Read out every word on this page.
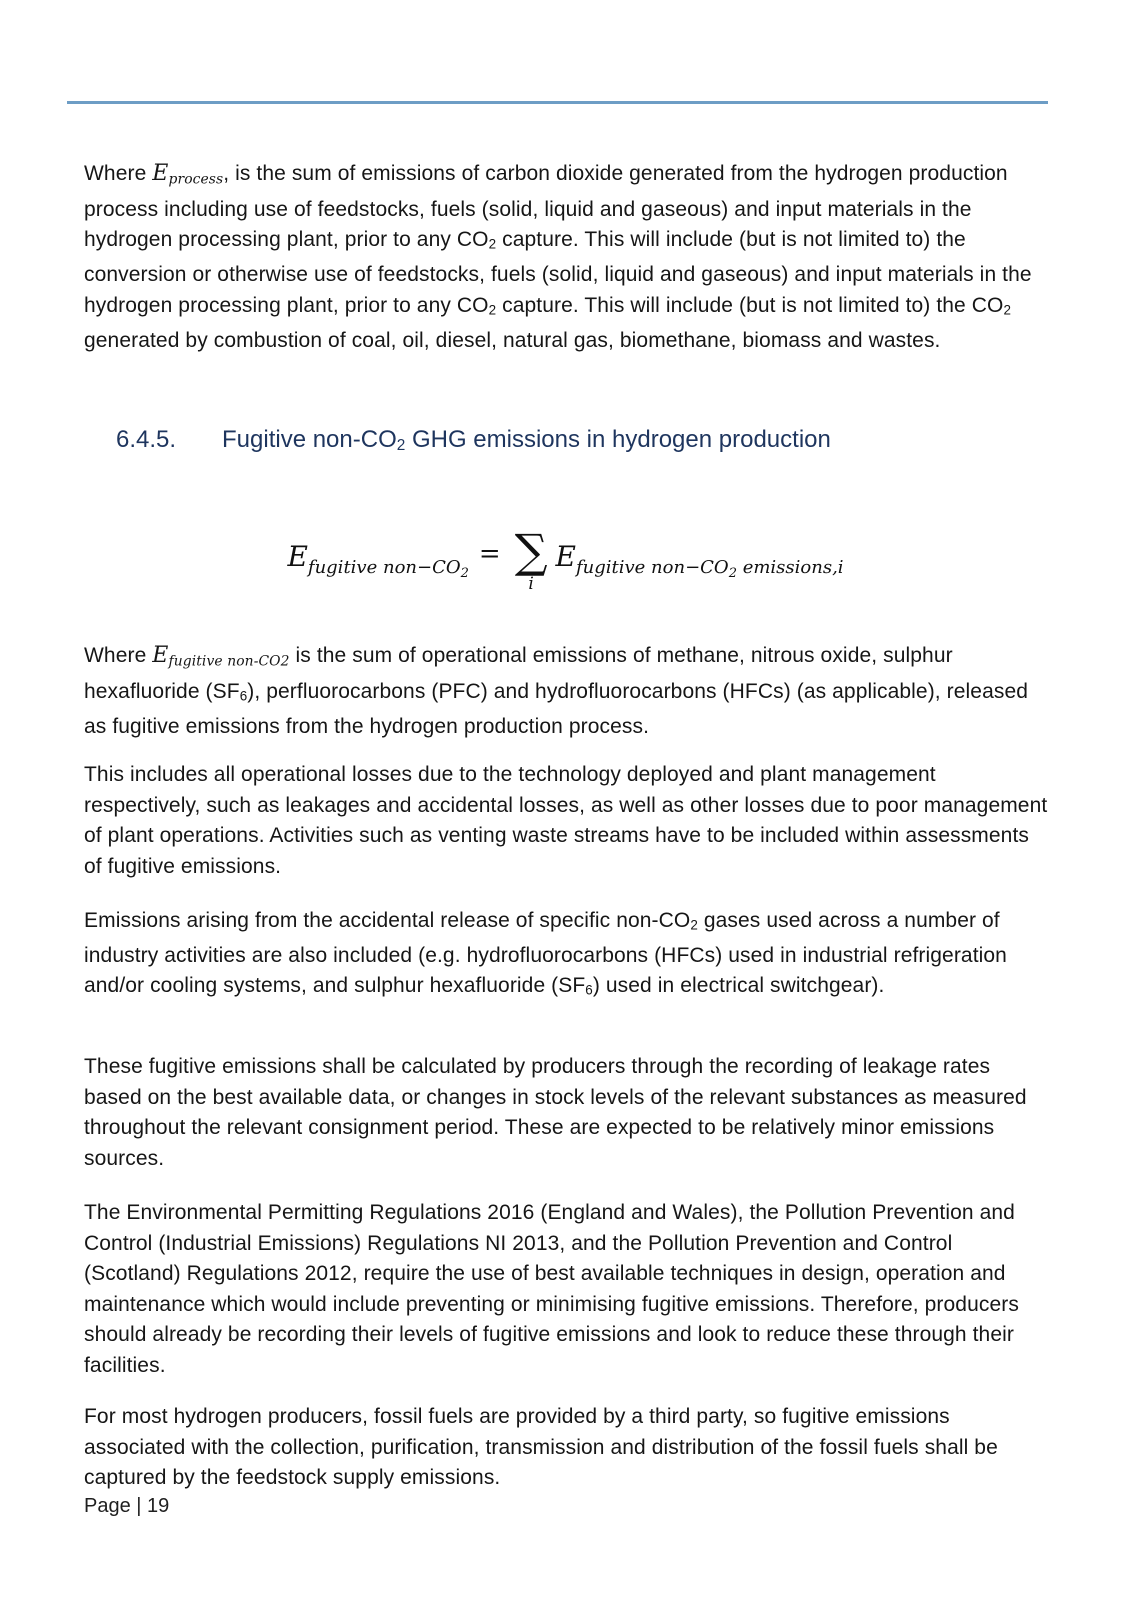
Where Eprocess, is the sum of emissions of carbon dioxide generated from the hydrogen production process including use of feedstocks, fuels (solid, liquid and gaseous) and input materials in the hydrogen processing plant, prior to any CO2 capture. This will include (but is not limited to) the conversion or otherwise use of feedstocks, fuels (solid, liquid and gaseous) and input materials in the hydrogen processing plant, prior to any CO2 capture. This will include (but is not limited to) the CO2 generated by combustion of coal, oil, diesel, natural gas, biomethane, biomass and wastes.

6.4.5. Fugitive non-CO2 GHG emissions in hydrogen production
Efugitive $non-CO_2$
= ∑
i
Efugitive $non-CO_2$ emissions,i

Where Efugitive non-CO2 is the sum of operational emissions of methane, nitrous oxide, sulphur hexafluoride (SF6), perfluorocarbons (PFC) and hydrofluorocarbons (HFCs) (as applicable), released as fugitive emissions from the hydrogen production process.

This includes all operational losses due to the technology deployed and plant management respectively, such as leakages and accidental losses, as well as other losses due to poor management of plant operations. Activities such as venting waste streams have to be included within assessments of fugitive emissions.

Emissions arising from the accidental release of specific non-CO2 gases used across a number of industry activities are also included (e.g. hydrofluorocarbons (HFCs) used in industrial refrigeration and/or cooling systems, and sulphur hexafluoride (SF6) used in electrical switchgear).

These fugitive emissions shall be calculated by producers through the recording of leakage rates based on the best available data, or changes in stock levels of the relevant substances as measured throughout the relevant consignment period. These are expected to be relatively minor emissions sources.

The Environmental Permitting Regulations 2016 (England and Wales), the Pollution Prevention and Control (Industrial Emissions) Regulations NI 2013, and the Pollution Prevention and Control (Scotland) Regulations 2012, require the use of best available techniques in design, operation and maintenance which would include preventing or minimising fugitive emissions. Therefore, producers should already be recording their levels of fugitive emissions and look to reduce these through their facilities.

For most hydrogen producers, fossil fuels are provided by a third party, so fugitive emissions associated with the collection, purification, transmission and distribution of the fossil fuels shall be captured by the feedstock supply emissions.

Page | 19
